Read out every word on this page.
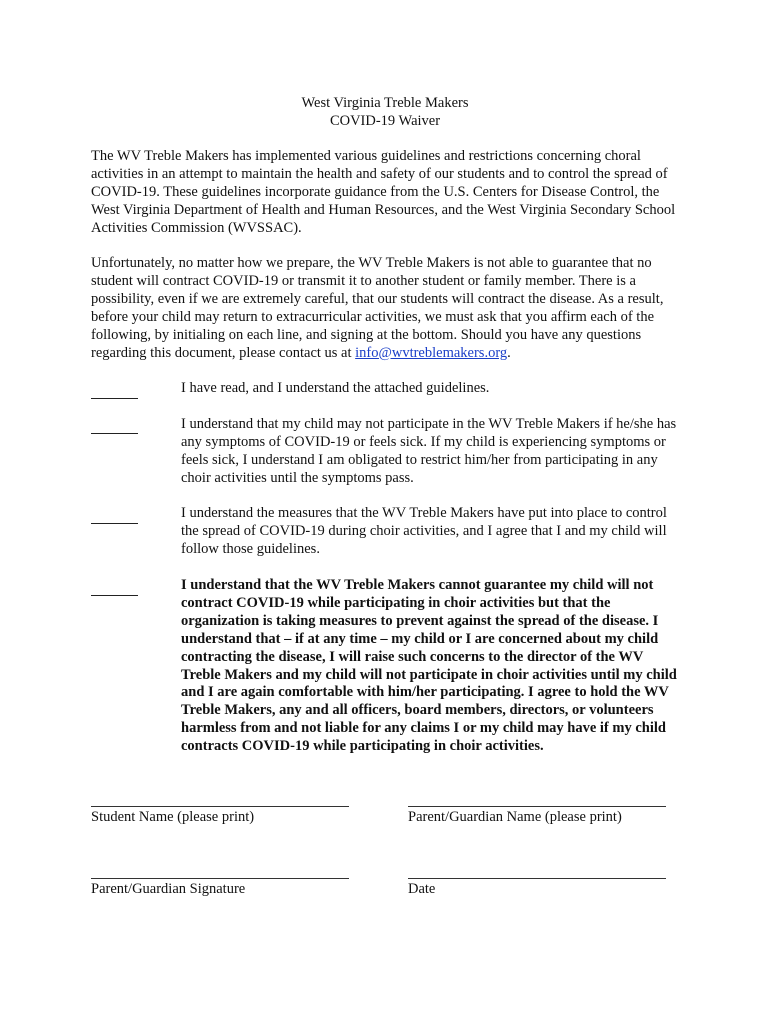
West Virginia Treble Makers
COVID-19 Waiver

The WV Treble Makers has implemented various guidelines and restrictions concerning choral activities in an attempt to maintain the health and safety of our students and to control the spread of COVID-19. These guidelines incorporate guidance from the U.S. Centers for Disease Control, the West Virginia Department of Health and Human Resources, and the West Virginia Secondary School Activities Commission (WVSSAC).

Unfortunately, no matter how we prepare, the WV Treble Makers is not able to guarantee that no student will contract COVID-19 or transmit it to another student or family member. There is a possibility, even if we are extremely careful, that our students will contract the disease. As a result, before your child may return to extracurricular activities, we must ask that you affirm each of the following, by initialing on each line, and signing at the bottom. Should you have any questions regarding this document, please contact us at info@wvtreblemakers.org.

I have read, and I understand the attached guidelines.

I understand that my child may not participate in the WV Treble Makers if he/she has any symptoms of COVID-19 or feels sick. If my child is experiencing symptoms or feels sick, I understand I am obligated to restrict him/her from participating in any choir activities until the symptoms pass.

I understand the measures that the WV Treble Makers have put into place to control the spread of COVID-19 during choir activities, and I agree that I and my child will follow those guidelines.

I understand that the WV Treble Makers cannot guarantee my child will not contract COVID-19 while participating in choir activities but that the organization is taking measures to prevent against the spread of the disease. I understand that – if at any time – my child or I are concerned about my child contracting the disease, I will raise such concerns to the director of the WV Treble Makers and my child will not participate in choir activities until my child and I are again comfortable with him/her participating. I agree to hold the WV Treble Makers, any and all officers, board members, directors, or volunteers harmless from and not liable for any claims I or my child may have if my child contracts COVID-19 while participating in choir activities.

Student Name (please print)	Parent/Guardian Name (please print)
Parent/Guardian Signature	Date
